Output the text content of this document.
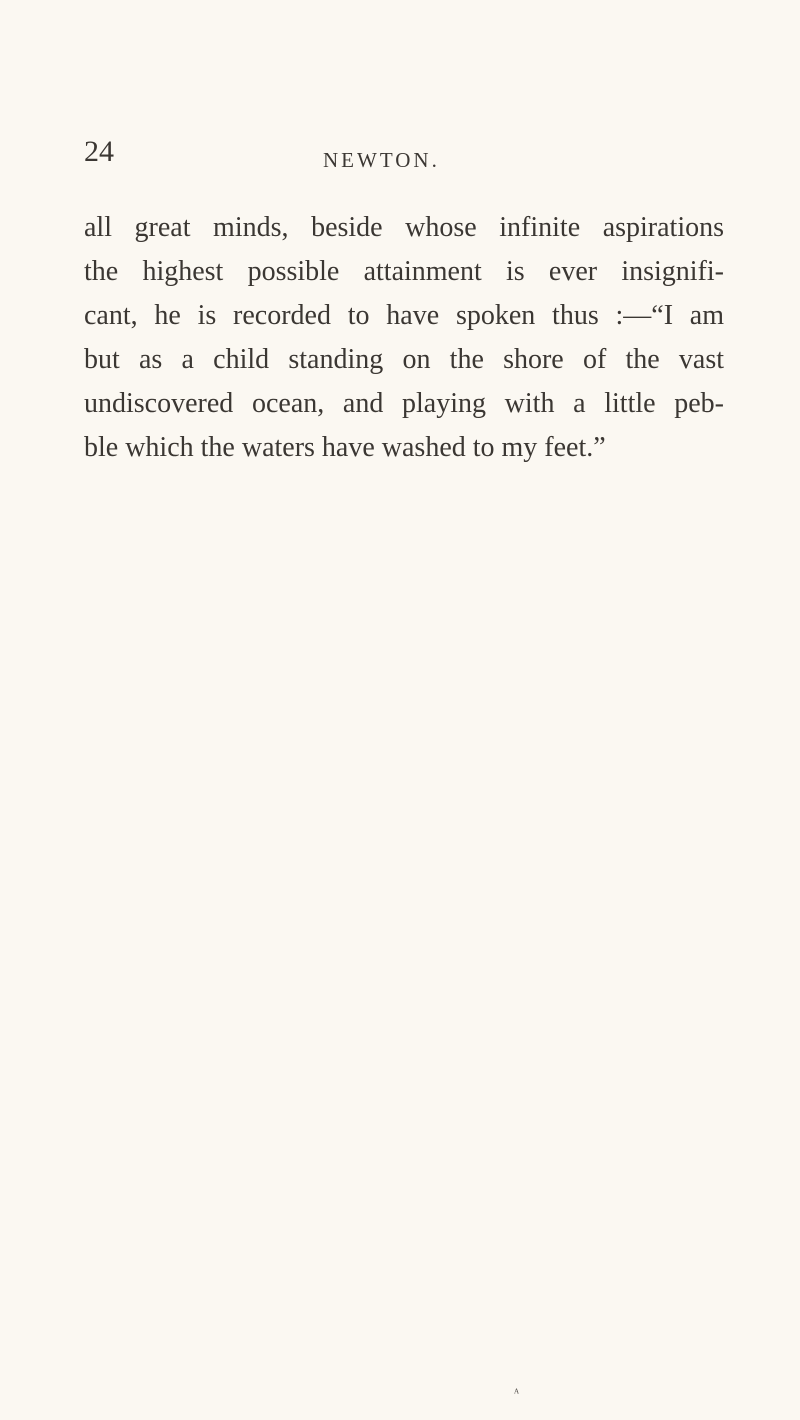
24	NEWTON.
all great minds, beside whose infinite aspirations
the highest possible attainment is ever insignifi-
cant, he is recorded to have spoken thus :—“I am
but as a child standing on the shore of the vast
undiscovered ocean, and playing with a little peb-
ble which the waters have washed to my feet.”
ᴬ
